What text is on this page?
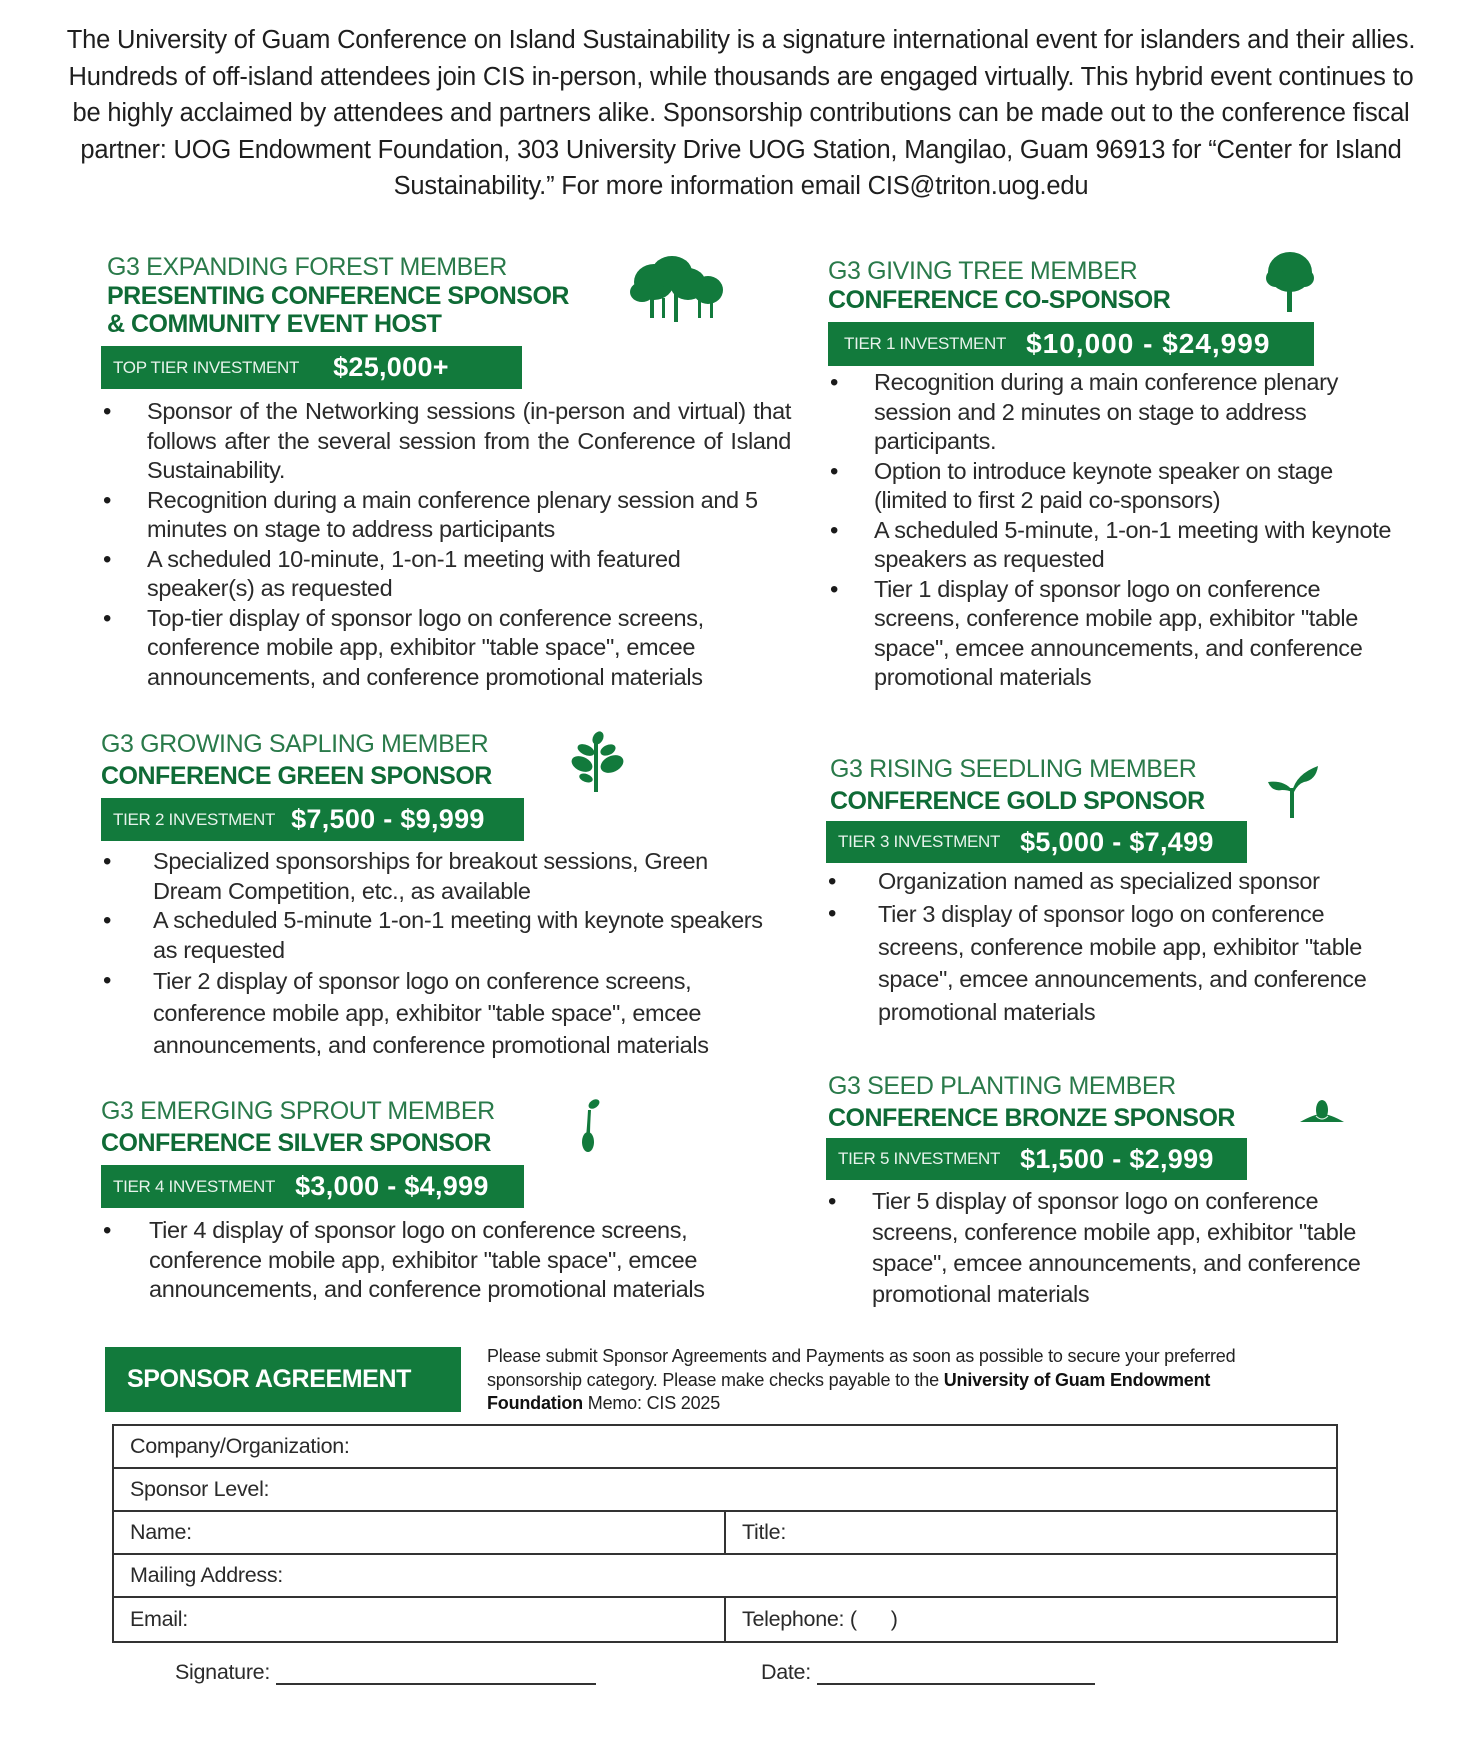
The University of Guam Conference on Island Sustainability is a signature international event for islanders and their allies. Hundreds of off-island attendees join CIS in-person, while thousands are engaged virtually. This hybrid event continues to be highly acclaimed by attendees and partners alike. Sponsorship contributions can be made out to the conference fiscal partner: UOG Endowment Foundation, 303 University Drive UOG Station, Mangilao, Guam 96913 for “Center for Island Sustainability.” For more information email CIS@triton.uog.edu

G3 EXPANDING FOREST MEMBER
PRESENTING CONFERENCE SPONSOR
& COMMUNITY EVENT HOST
TOP TIER INVESTMENT $25,000+
• Sponsor of the Networking sessions (in-person and virtual) that follows after the several session from the Conference of Island Sustainability.
• Recognition during a main conference plenary session and 5 minutes on stage to address participants
• A scheduled 10-minute, 1-on-1 meeting with featured speaker(s) as requested
• Top-tier display of sponsor logo on conference screens, conference mobile app, exhibitor "table space", emcee announcements, and conference promotional materials
G3 GIVING TREE MEMBER
CONFERENCE CO-SPONSOR
TIER 1 INVESTMENT $10,000 - $24,999
• Recognition during a main conference plenary session and 2 minutes on stage to address participants.
• Option to introduce keynote speaker on stage (limited to first 2 paid co-sponsors)
• A scheduled 5-minute, 1-on-1 meeting with keynote speakers as requested
• Tier 1 display of sponsor logo on conference screens, conference mobile app, exhibitor "table space", emcee announcements, and conference promotional materials
G3 GROWING SAPLING MEMBER
CONFERENCE GREEN SPONSOR
TIER 2 INVESTMENT $7,500 - $9,999
• Specialized sponsorships for breakout sessions, Green Dream Competition, etc., as available
• A scheduled 5-minute 1-on-1 meeting with keynote speakers as requested
• Tier 2 display of sponsor logo on conference screens, conference mobile app, exhibitor "table space", emcee announcements, and conference promotional materials
G3 RISING SEEDLING MEMBER
CONFERENCE GOLD SPONSOR
TIER 3 INVESTMENT $5,000 - $7,499
• Organization named as specialized sponsor
• Tier 3 display of sponsor logo on conference screens, conference mobile app, exhibitor "table space", emcee announcements, and conference promotional materials
G3 EMERGING SPROUT MEMBER
CONFERENCE SILVER SPONSOR
TIER 4 INVESTMENT $3,000 - $4,999
• Tier 4 display of sponsor logo on conference screens, conference mobile app, exhibitor "table space", emcee announcements, and conference promotional materials
G3 SEED PLANTING MEMBER
CONFERENCE BRONZE SPONSOR
TIER 5 INVESTMENT $1,500 - $2,999
• Tier 5 display of sponsor logo on conference screens, conference mobile app, exhibitor "table space", emcee announcements, and conference promotional materials
SPONSOR AGREEMENT

Please submit Sponsor Agreements and Payments as soon as possible to secure your preferred sponsorship category. Please make checks payable to the University of Guam Endowment Foundation Memo: CIS 2025

Company/Organization:
Sponsor Level:
Name:	Title:
Mailing Address:
Email:	Telephone: (      )
Signature:	Date:
